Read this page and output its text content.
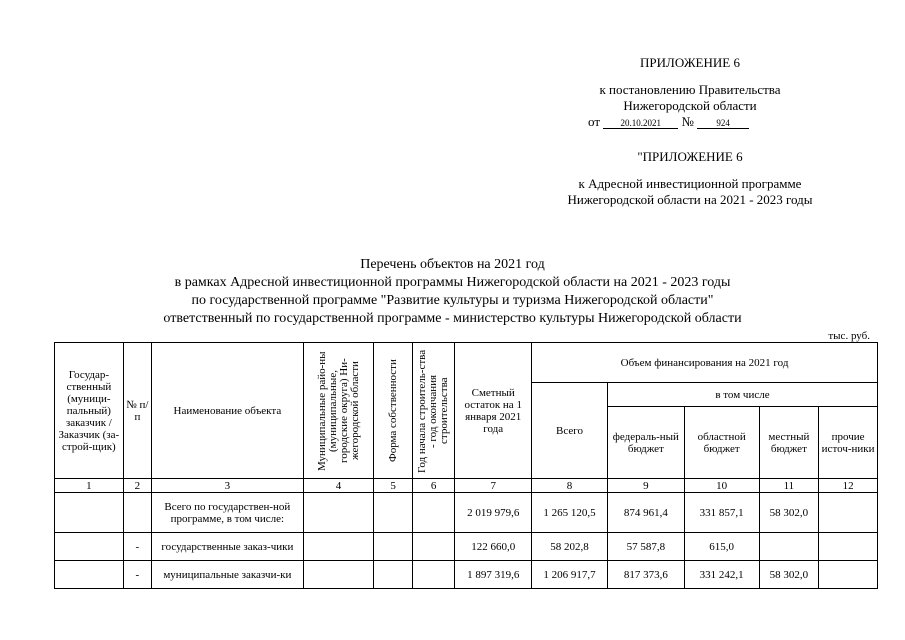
ПРИЛОЖЕНИЕ 6
к постановлению Правительства
Нижегородской области
от 20.10.2021 №	924
"ПРИЛОЖЕНИЕ 6
к Адресной инвестиционной программе
Нижегородской области на 2021 - 2023 годы
Перечень объектов на 2021 год
в рамках Адресной инвестиционной программы Нижегородской области на 2021 - 2023 годы
по государственной программе "Развитие культуры и туризма Нижегородской области"
ответственный по государственной программе - министерство культуры Нижегородской области
тыс. руб.
Государ-ственный (муници-пальный) заказчик / Заказчик (за-строй-щик)	№ п/п	Наименование объекта	Муниципальные райо-ны (муниципальные, городские округа) Ни-жегородской области	Форма собственности	Год начала строитель-ства - год окончания строительства	Сметный остаток на 1 января 2021 года	Объем финансирования на 2021 год				
							Всего	в том числе			
								федераль-ный бюджет	областной бюджет	местный бюджет	прочие источ-ники
1	2	3	4	5	6	7	8	9	10	11	12
		Всего по государствен-ной программе, в том числе:				2 019 979,6	1 265 120,5	874 961,4	331 857,1	58 302,0	
	-	государственные заказ-чики				122 660,0	58 202,8	57 587,8	615,0		
	-	муниципальные заказчи-ки				1 897 319,6	1 206 917,7	817 373,6	331 242,1	58 302,0	
